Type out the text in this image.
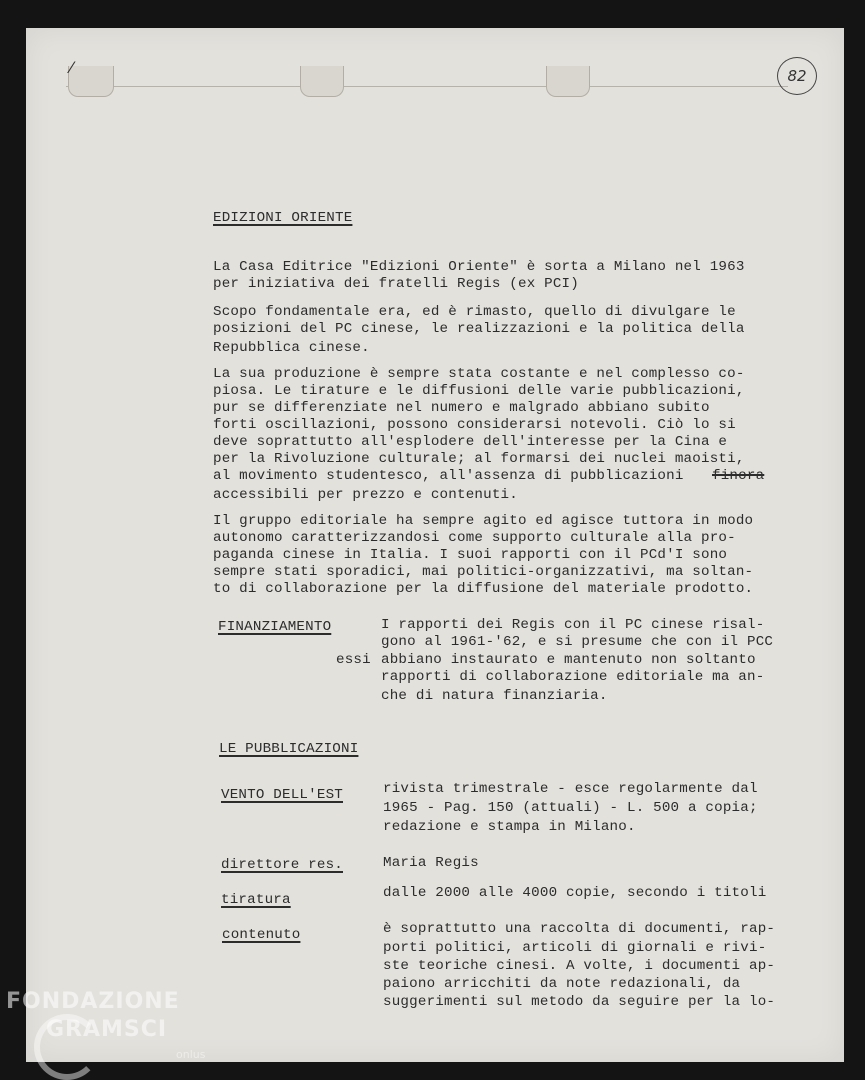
⁄	82
EDIZIONI ORIENTE
La Casa Editrice "Edizioni Oriente" è sorta a Milano nel 1963
per iniziativa dei fratelli Regis (ex PCI)
Scopo fondamentale era, ed è rimasto, quello di divulgare le
posizioni del PC cinese, le realizzazioni e la politica della
Repubblica cinese.
La sua produzione è sempre stata costante e nel complesso co-
piosa. Le tirature e le diffusioni delle varie pubblicazioni,
pur se differenziate nel numero e malgrado abbiano subito
forti oscillazioni, possono considerarsi notevoli. Ciò lo si
deve soprattutto all'esplodere dell'interesse per la Cina e
per la Rivoluzione culturale; al formarsi dei nuclei maoisti,
al movimento studentesco, all'assenza di pubblicazioni finora
accessibili per prezzo e contenuti.
Il gruppo editoriale ha sempre agito ed agisce tuttora in modo
autonomo caratterizzandosi come supporto culturale alla pro-
paganda cinese in Italia. I suoi rapporti con il PCd'I sono
sempre stati sporadici, mai politici-organizzativi, ma soltan-
to di collaborazione per la diffusione del materiale prodotto.
FINANZIAMENTO	I rapporti dei Regis con il PC cinese risal-
gono al 1961-'62, e si presume che con il PCC
essi abbiano instaurato e mantenuto non soltanto
rapporti di collaborazione editoriale ma an-
che di natura finanziaria.
LE PUBBLICAZIONI
VENTO DELL'EST	rivista trimestrale - esce regolarmente dal
1965 - Pag. 150 (attuali) - L. 500 a copia;
redazione e stampa in Milano.
direttore res.	Maria Regis
tiratura	dalle 2000 alle 4000 copie, secondo i titoli
contenuto	è soprattutto una raccolta di documenti, rap-
porti politici, articoli di giornali e rivi-
ste teoriche cinesi. A volte, i documenti ap-
paiono arricchiti da note redazionali, da
suggerimenti sul metodo da seguire per la lo-
FONDAZIONE
GRAMSCI
onlus
